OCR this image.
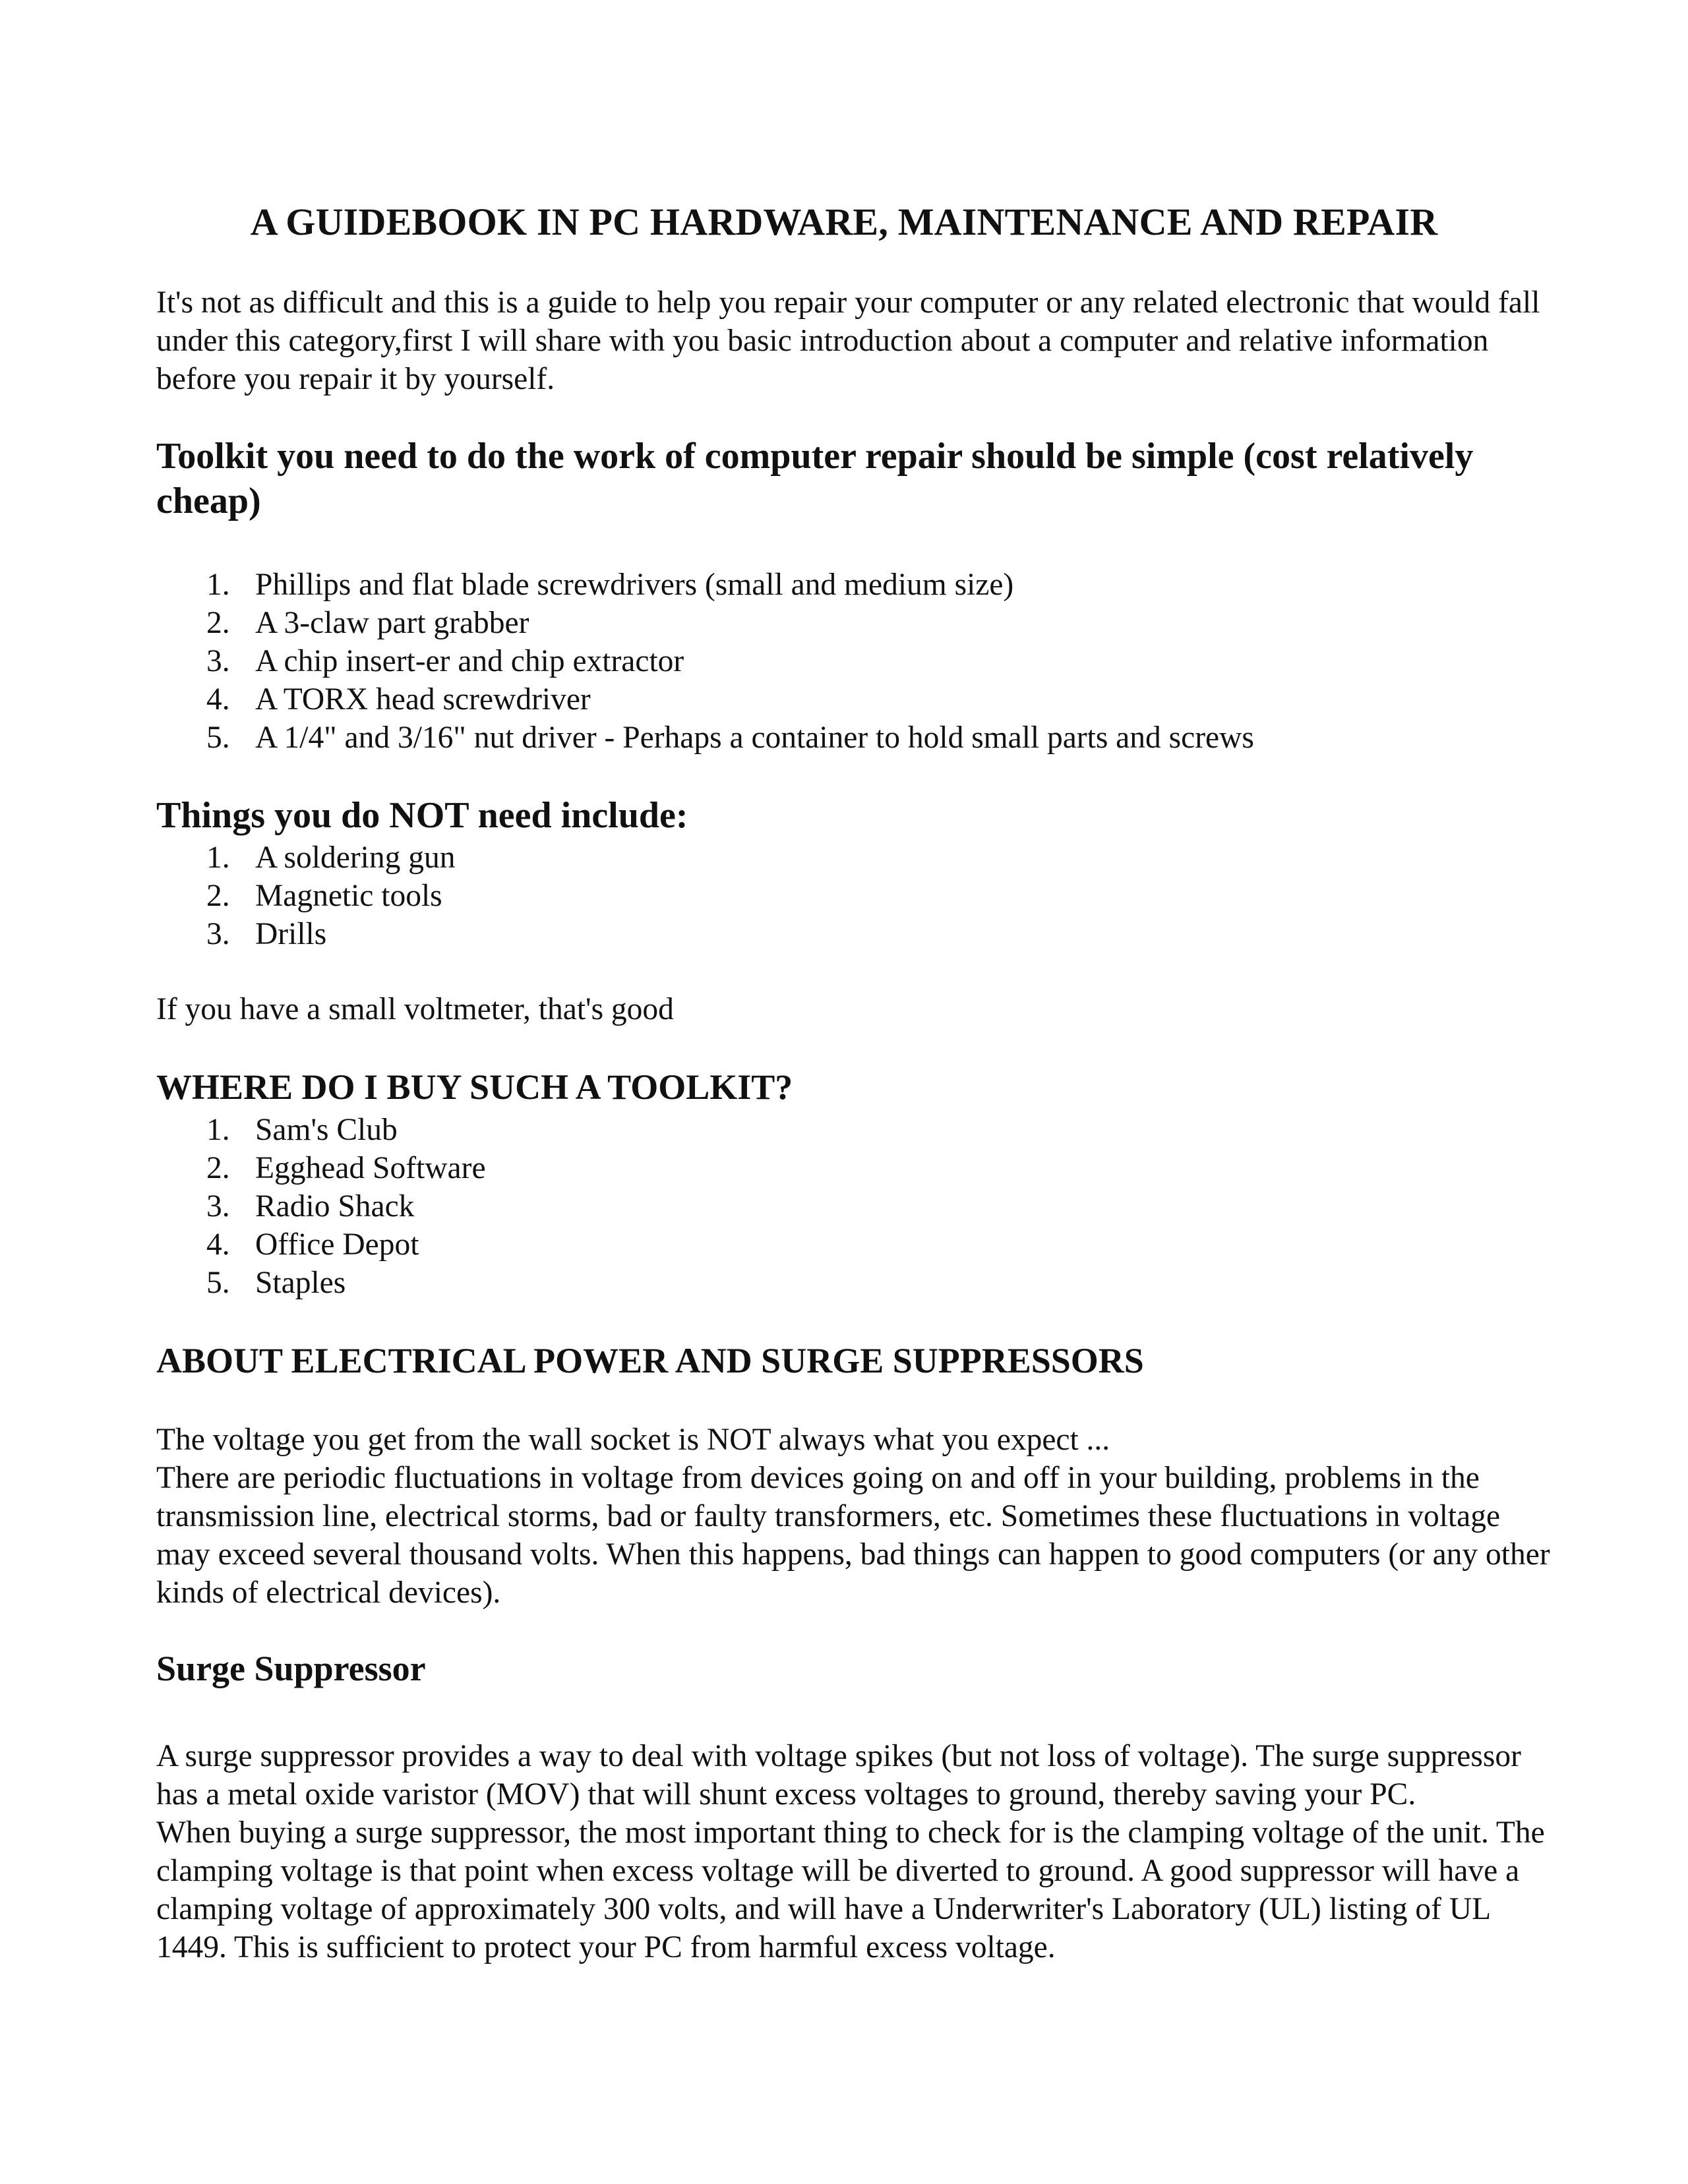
A GUIDEBOOK IN PC HARDWARE, MAINTENANCE AND REPAIR

It's not as difficult and this is a guide to help you repair your computer or any related electronic that would fall under this category,first I will share with you basic introduction about a computer and relative information before you repair it by yourself.

Toolkit you need to do the work of computer repair should be simple (cost relatively cheap)
1. Phillips and flat blade screwdrivers (small and medium size)
2. A 3-claw part grabber
3. A chip insert-er and chip extractor
4. A TORX head screwdriver
5. A 1/4" and 3/16" nut driver - Perhaps a container to hold small parts and screws
Things you do NOT need include:
1. A soldering gun
2. Magnetic tools
3. Drills
If you have a small voltmeter, that's good
WHERE DO I BUY SUCH A TOOLKIT?
1. Sam's Club
2. Egghead Software
3. Radio Shack
4. Office Depot
5. Staples
ABOUT ELECTRICAL POWER AND SURGE SUPPRESSORS

The voltage you get from the wall socket is NOT always what you expect ...

There are periodic fluctuations in voltage from devices going on and off in your building, problems in the transmission line, electrical storms, bad or faulty transformers, etc. Sometimes these fluctuations in voltage may exceed several thousand volts. When this happens, bad things can happen to good computers (or any other kinds of electrical devices).

Surge Suppressor

A surge suppressor provides a way to deal with voltage spikes (but not loss of voltage). The surge suppressor has a metal oxide varistor (MOV) that will shunt excess voltages to ground, thereby saving your PC.

When buying a surge suppressor, the most important thing to check for is the clamping voltage of the unit. The clamping voltage is that point when excess voltage will be diverted to ground. A good suppressor will have a clamping voltage of approximately 300 volts, and will have a Underwriter's Laboratory (UL) listing of UL 1449. This is sufficient to protect your PC from harmful excess voltage.
